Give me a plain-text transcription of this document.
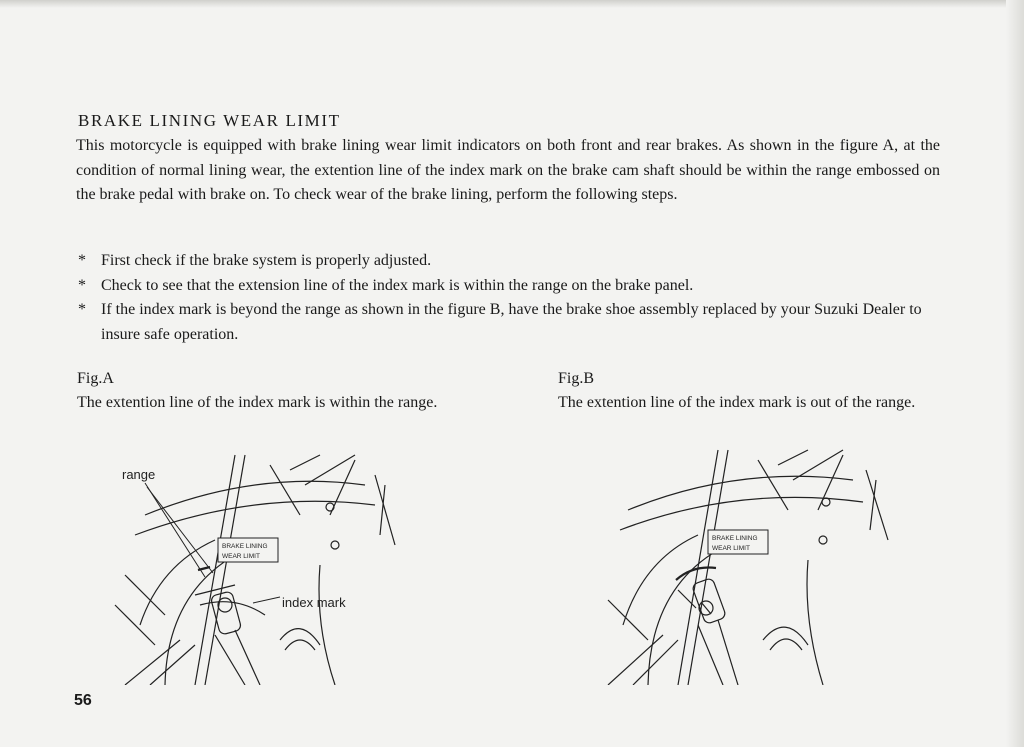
BRAKE LINING WEAR LIMIT

This motorcycle is equipped with brake lining wear limit indicators on both front and rear brakes. As shown in the figure A, at the condition of normal lining wear, the extention line of the index mark on the brake cam shaft should be within the range embossed on the brake pedal with brake on. To check wear of the brake lining, perform the following steps.

* First check if the brake system is properly adjusted.
* Check to see that the extension line of the index mark is within the range on the brake panel.
* If the index mark is beyond the range as shown in the figure B, have the brake shoe assembly replaced by your Suzuki Dealer to insure safe operation.
Fig.A
The extention line of the index mark is within the range.
Fig.B
The extention line of the index mark is out of the range.
BRAKE LINING
WEAR LIMIT
range
index mark
BRAKE LINING
WEAR LIMIT
56
